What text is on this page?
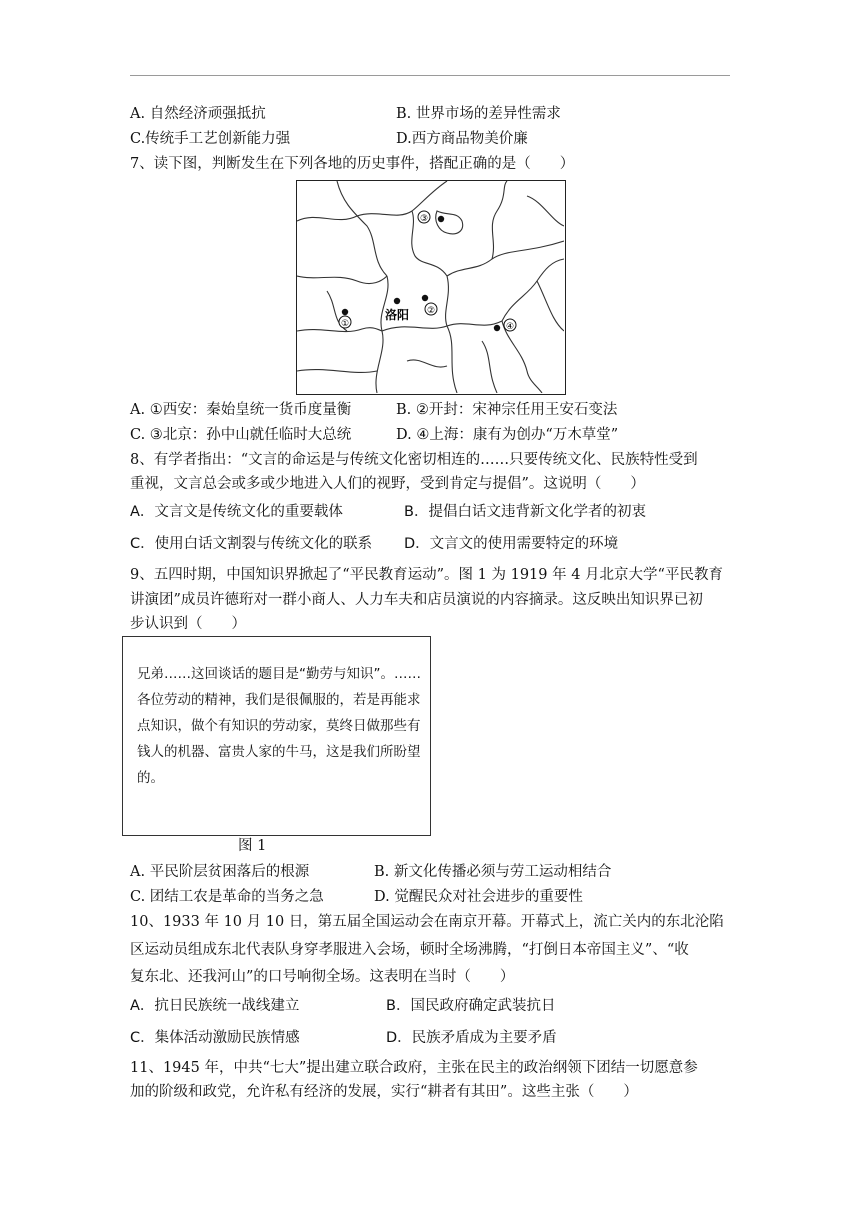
A. 自然经济顽强抵抗	B. 世界市场的差异性需求
C.传统手工艺创新能力强	D.西方商品物美价廉
7、读下图，判断发生在下列各地的历史事件，搭配正确的是（　　）
③
①
洛阳 ②
④
A. ①西安：秦始皇统一货币度量衡	B. ②开封：宋神宗任用王安石变法
C. ③北京：孙中山就任临时大总统	D. ④上海：康有为创办“万木草堂”
8、有学者指出：“文言的命运是与传统文化密切相连的……只要传统文化、民族特性受到
重视，文言总会或多或少地进入人们的视野，受到肯定与提倡”。这说明（　　）
A．文言文是传统文化的重要载体	B．提倡白话文违背新文化学者的初衷
C．使用白话文割裂与传统文化的联系 D．文言文的使用需要特定的环境
9、五四时期，中国知识界掀起了“平民教育运动”。图 1 为 1919 年 4 月北京大学“平民教育
讲演团”成员许德珩对一群小商人、人力车夫和店员演说的内容摘录。这反映出知识界已初
步认识到（　　）
兄弟……这回谈话的题目是“勤劳与知识”。……各位劳动的精神，我们是很佩服的，若是再能求点知识，做个有知识的劳动家，莫终日做那些有钱人的机器、富贵人家的牛马，这是我们所盼望的。
图 1
A. 平民阶层贫困落后的根源	B. 新文化传播必须与劳工运动相结合
C. 团结工农是革命的当务之急	D. 觉醒民众对社会进步的重要性
10、1933 年 10 月 10 日，第五届全国运动会在南京开幕。开幕式上，流亡关内的东北沦陷
区运动员组成东北代表队身穿孝服进入会场，顿时全场沸腾，“打倒日本帝国主义”、“收
复东北、还我河山”的口号响彻全场。这表明在当时（　　）
A．抗日民族统一战线建立	B．国民政府确定武装抗日
C．集体活动激励民族情感	D．民族矛盾成为主要矛盾
11、1945 年，中共“七大”提出建立联合政府，主张在民主的政治纲领下团结一切愿意参
加的阶级和政党，允许私有经济的发展，实行“耕者有其田”。这些主张（　　）
